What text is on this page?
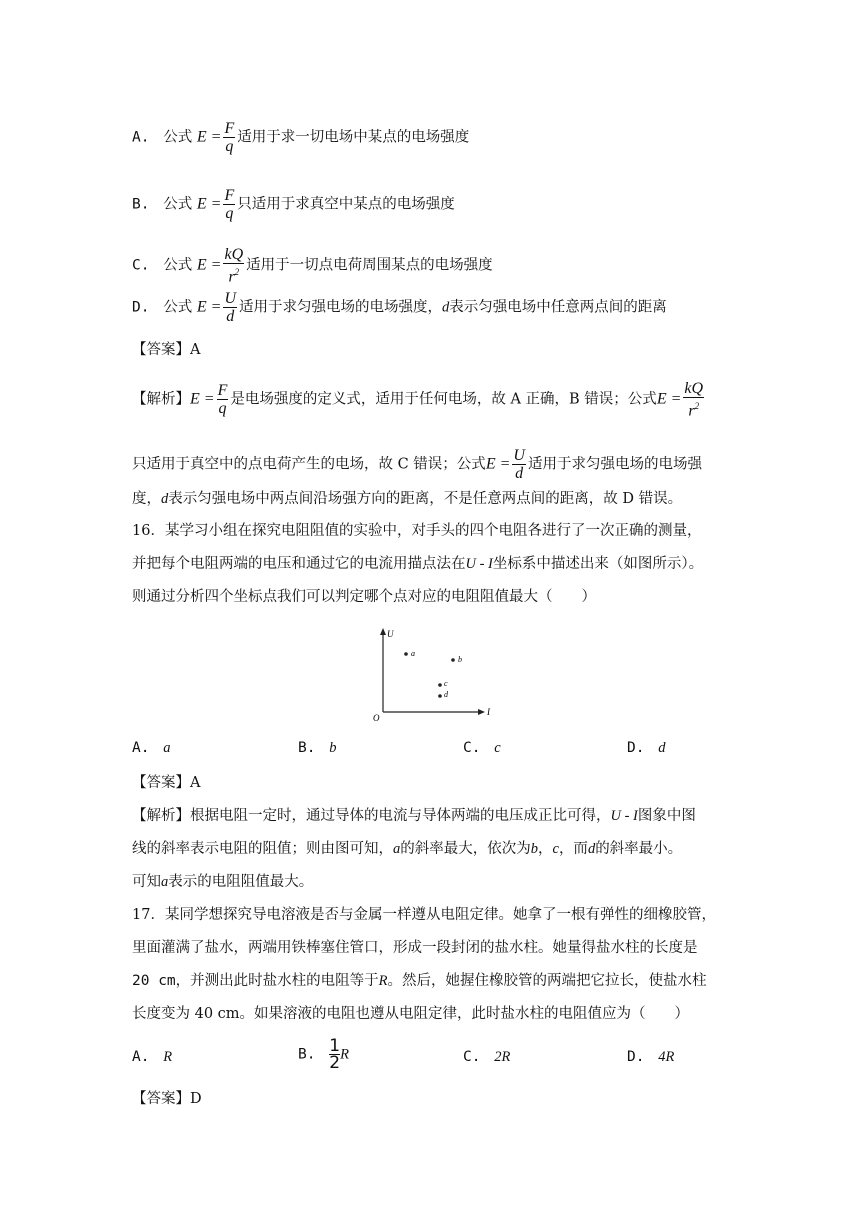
A. 公式 $E = \frac{F}{q}$ 适用于求一切电场中某点的电场强度
B. 公式 $E = \frac{F}{q}$ 只适用于求真空中某点的电场强度
C. 公式 $E = \frac{kQ}{r^2}$ 适用于一切点电荷周围某点的电场强度
D. 公式 $E = \frac{U}{d}$ 适用于求匀强电场的电场强度，d表示匀强电场中任意两点间的距离
【答案】A
【解析】$E = \frac{F}{q}$ 是电场强度的定义式，适用于任何电场，故 A 正确，B 错误；公式$E = \frac{kQ}{r^2}$
只适用于真空中的点电荷产生的电场，故 C 错误；公式$E = \frac{U}{d}$ 适用于求匀强电场的电场强
度，d表示匀强电场中两点间沿场强方向的距离，不是任意两点间的距离，故 D 错误。
16．某学习小组在探究电阻阻值的实验中，对手头的四个电阻各进行了一次正确的测量，
并把每个电阻两端的电压和通过它的电流用描点法在U - I坐标系中描述出来（如图所示）。
则通过分析四个坐标点我们可以判定哪个点对应的电阻阻值最大（　　）
U
I
O
a
b
c
d
A. a	B. b	C. c	D. d
【答案】A
【解析】根据电阻一定时，通过导体的电流与导体两端的电压成正比可得，U - I图象中图
线的斜率表示电阻的阻值；则由图可知，a的斜率最大，依次为b，c，而d的斜率最小。
可知a表示的电阻阻值最大。
17．某同学想探究导电溶液是否与金属一样遵从电阻定律。她拿了一根有弹性的细橡胶管，
里面灌满了盐水，两端用铁棒塞住管口，形成一段封闭的盐水柱。她量得盐水柱的长度是
20 cm，并测出此时盐水柱的电阻等于R。然后，她握住橡胶管的两端把它拉长，使盐水柱
长度变为 40 cm。如果溶液的电阻也遵从电阻定律，此时盐水柱的电阻值应为（　　）
A. R	B. $\frac{1}{2}$ R	C. 2R	D. 4R
【答案】D
